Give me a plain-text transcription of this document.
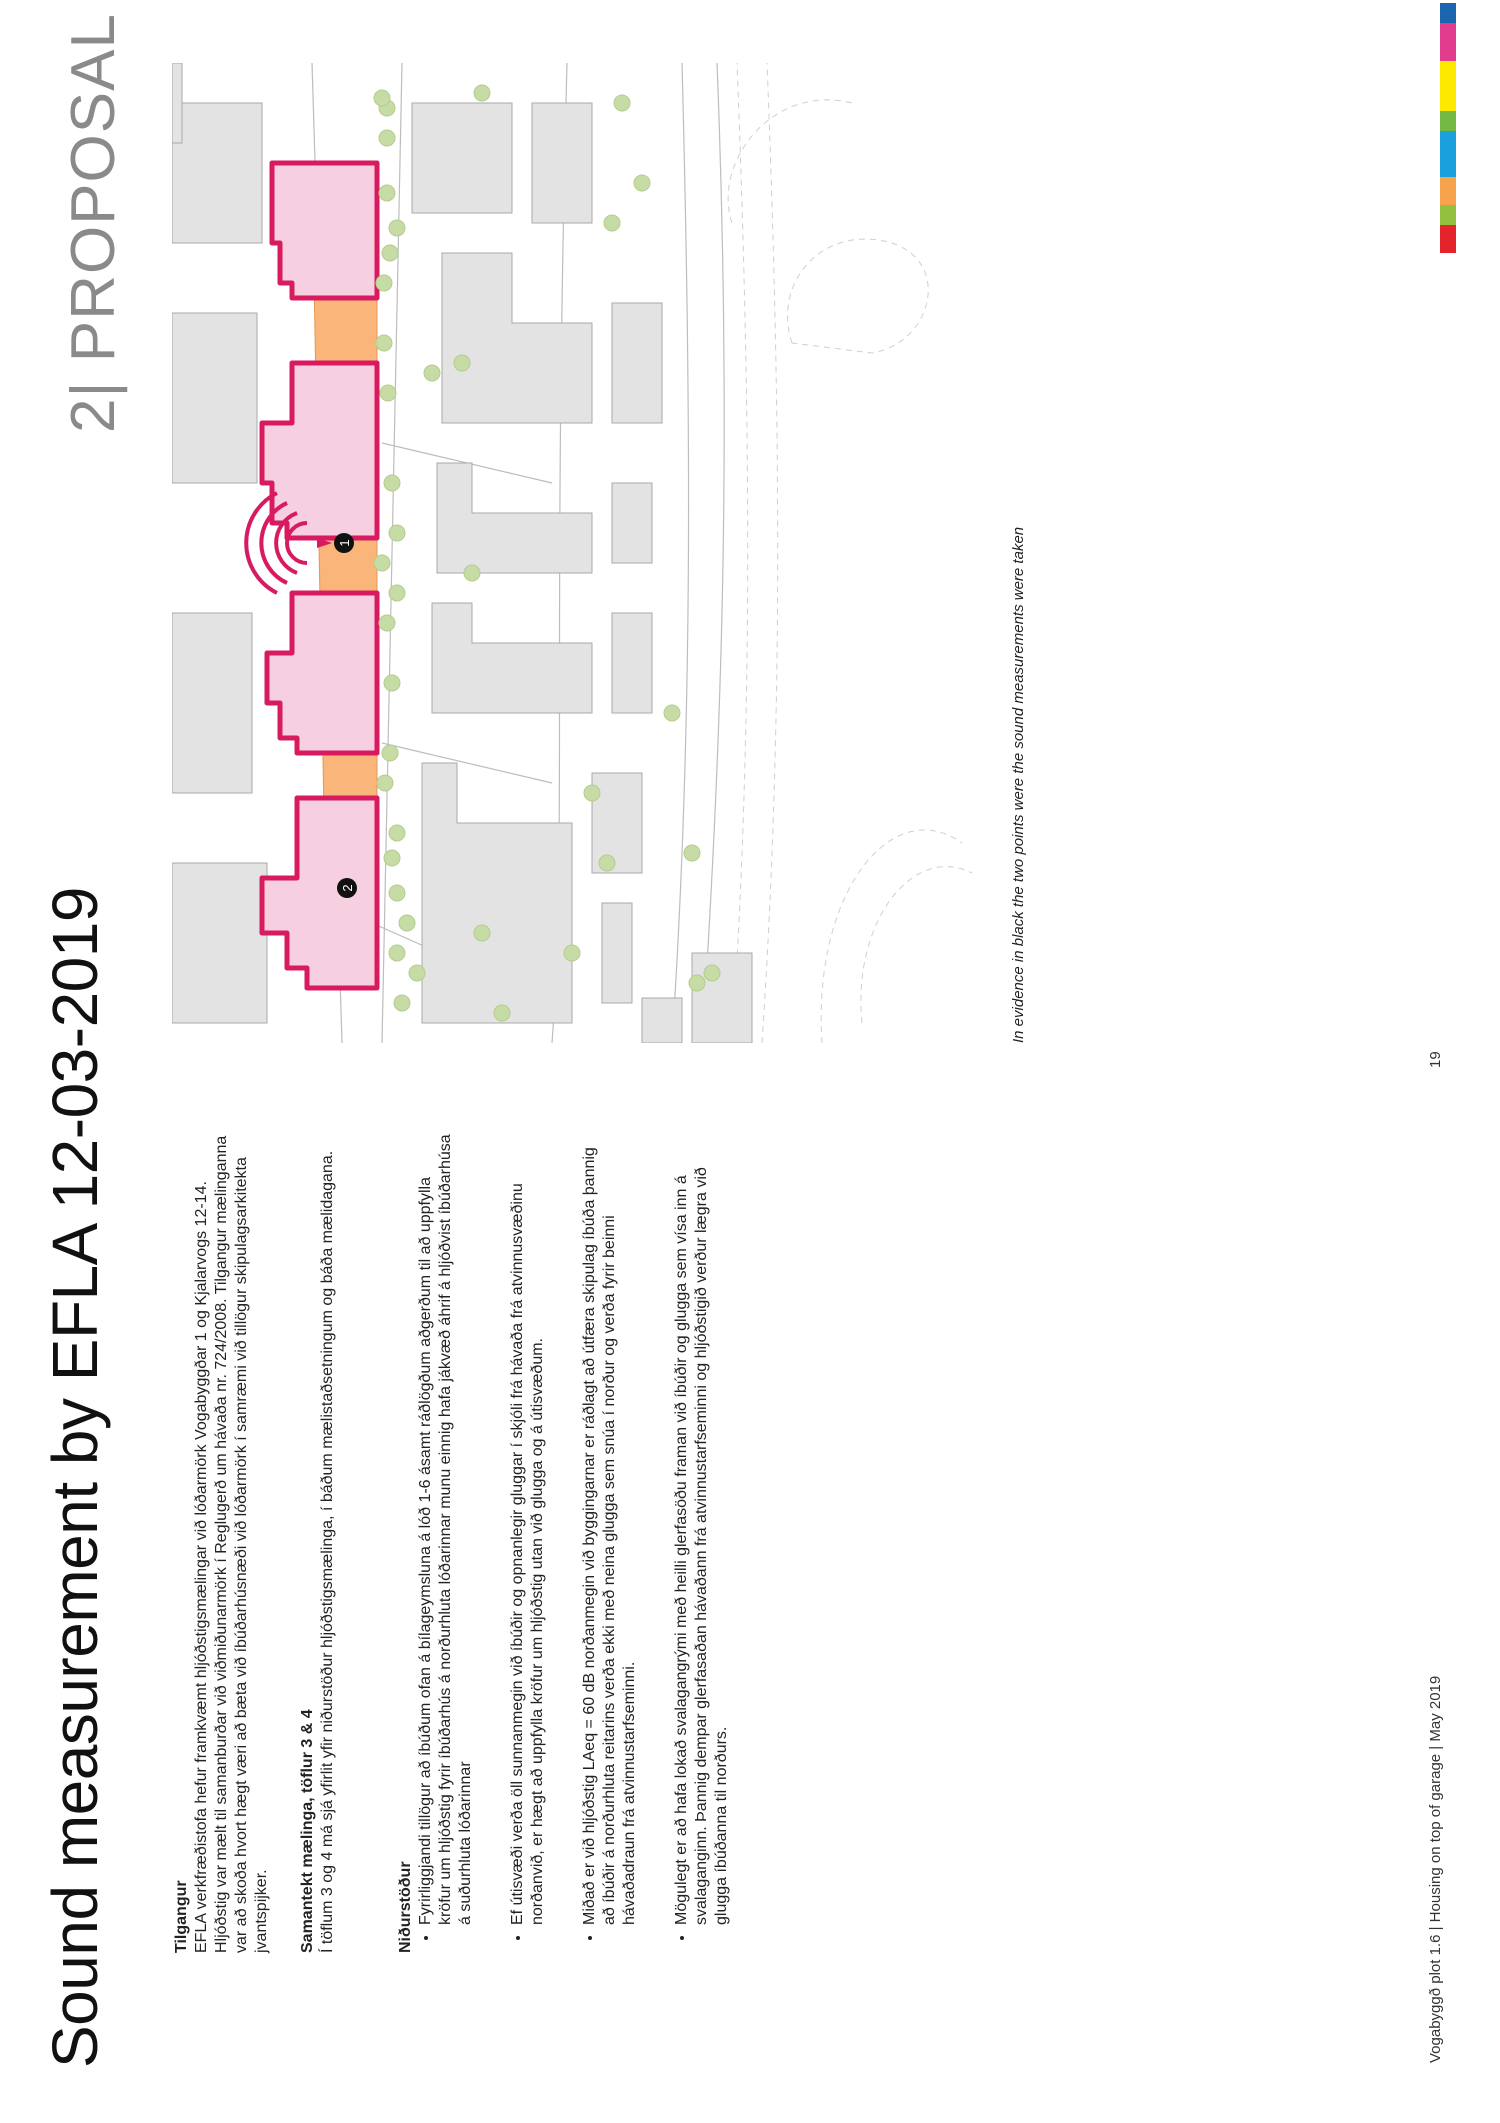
Sound measurement by EFLA 12-03-2019
2| PROPOSAL
Tilgangur EFLA verkfræðistofa hefur framkvæmt hljóðstigsmælingar við lóðarmörk Vogabyggðar 1 og Kjalarvogs 12-14. Hljóðstig var mælt til samanburðar við viðmiðunarmörk í Reglugerð um hávaða nr. 724/2008. Tilgangur mælinganna var að skoða hvort hægt væri að bæta við íbúðarhúsnæði við lóðarmörk í samræmi við tillögur skipulagsarkitekta jvantspijker. Samantekt mælinga, töflur 3 & 4 Í töflum 3 og 4 má sjá yfirlit yfir niðurstöður hljóðstigsmælinga, í báðum mælistaðsetningum og báða mælidagana.	Niðurstöður • Fyrirliggjandi tillögur að íbúðum ofan á bílageymsluna á lóð 1-6 ásamt ráðlögðum aðgerðum til að uppfylla kröfur um hljóðstig fyrir íbúðarhús á norðurhluta lóðarinnar munu einnig hafa jákvæð áhrif á hljóðvist íbúðarhúsa á suðurhluta lóðarinnar • Ef útisvæði verða öll sunnanmegin við íbúðir og opnanlegir gluggar í skjóli frá hávaða frá atvinnusvæðinu norðanvið, er hægt að uppfylla kröfur um hljóðstig utan við glugga og á útisvæðum. • Miðað er við hljóðstig LAeq = 60 dB norðanmegin við byggingarnar er ráðlagt að útfæra skipulag íbúða þannig að íbúðir á norðurhluta reitarins verða ekki með neina glugga sem snúa í norður og verða fyrir beinni hávaðadraun frá atvinnustarfseminni. • Mögulegt er að hafa lokað svalagangrými með heilli glerfasöðu framan við íbúðir og glugga sem vísa inn á svalaganginn. Þannig dempar glerfasaðan hávaðann frá atvinnustarfseminni og hljóðstigið verður lægra við glugga íbúðanna til norðurs.
1
2	In evidence in black the two points were the sound measurements were taken
Vogabyggð plot 1.6 | Housing on top of garage | May 2019
19
